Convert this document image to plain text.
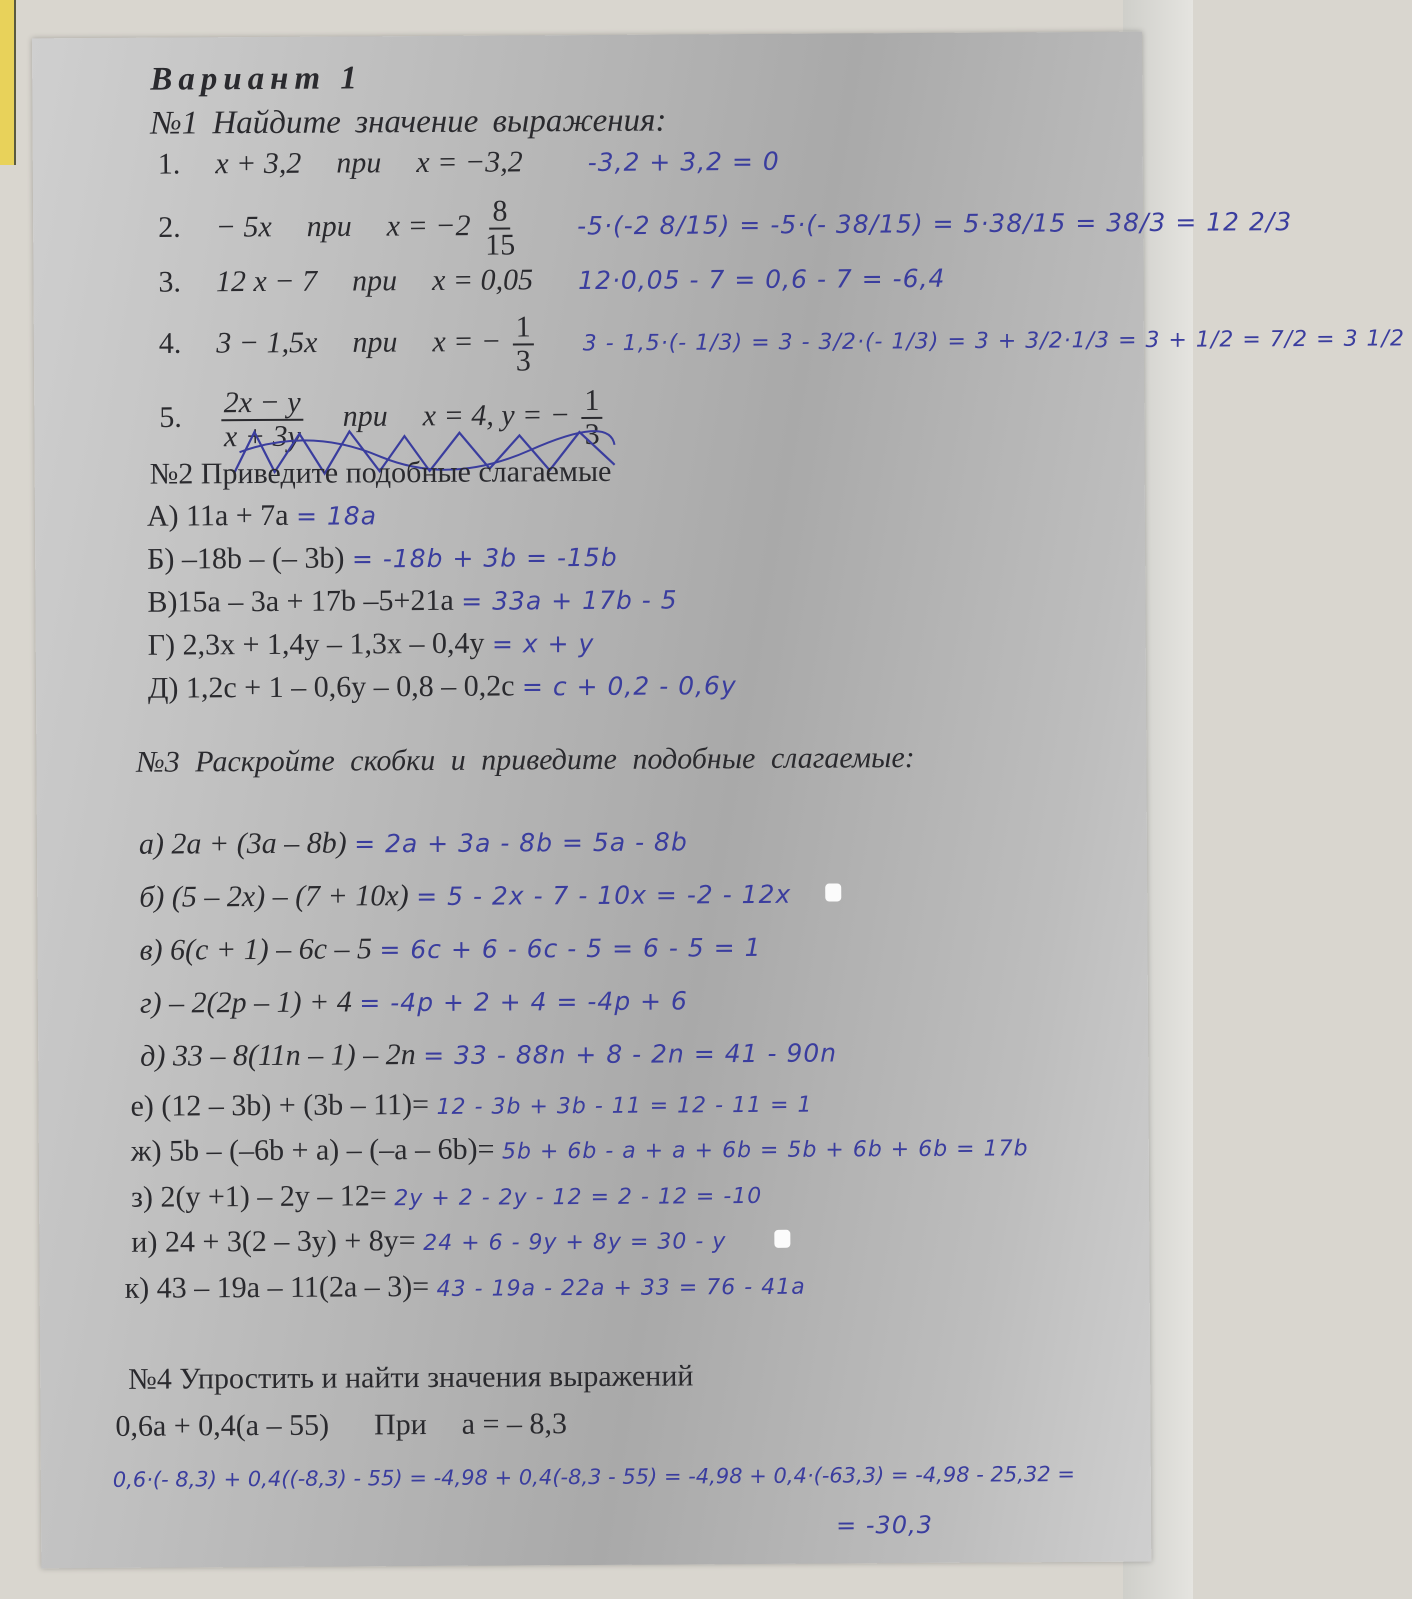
Вариант 1
№1 Найдите значение выражения:
1. x + 3,2 при x = −3,2	-3,2 + 3,2 = 0
2. − 5x при $x = -2 \frac{8}{15} -5\cdot(-2$ 8/15) = -5·(- 38/15) = 5·38/15 = 38/3 = 12 2/3
3. 12 x − 7 при x = 0,05 12·0,05 - 7 = 0,6 - 7 = -6,4
4. 3 − 1,5x при x = − $\frac{1}{3} 3 - 1,5\cdot(-$ 1/3) = 3 - 3/2·(- 1/3) = 3 + 3/2·1/3 = 3 + 1/2 = 7/2 = 3 1/2
5. $\frac{2x - y}{x + 3y}$ при x = 4, y = − $\frac{1}{3}$
№2 Приведите подобные слагаемые
А) 11a + 7a = 18a
Б) –18b – (– 3b) = -18b + 3b = -15b
В)15a – 3a + 17b –5+21a = 33a + 17b - 5
Г) 2,3x + 1,4y – 1,3x – 0,4y = x + y
Д) 1,2c + 1 – 0,6y – 0,8 – 0,2c = c + 0,2 - 0,6y
№3 Раскройте скобки и приведите подобные слагаемые:
а) 2a + (3a – 8b) = 2a + 3a - 8b = 5a - 8b
б) (5 – 2x) – (7 + 10x) = 5 - 2x - 7 - 10x = -2 - 12x
в) 6(c + 1) – 6c – 5 = 6c + 6 - 6c - 5 = 6 - 5 = 1
г) – 2(2p – 1) + 4 = -4p + 2 + 4 = -4p + 6
д) 33 – 8(11n – 1) – 2n = 33 - 88n + 8 - 2n = 41 - 90n
е) (12 – 3b) + (3b – 11)= 12 - 3b + 3b - 11 = 12 - 11 = 1
ж) 5b – (–6b + a) – (–a – 6b)= 5b + 6b - a + a + 6b = 5b + 6b + 6b = 17b
з) 2(y +1) – 2y – 12= 2y + 2 - 2y - 12 = 2 - 12 = -10
и) 24 + 3(2 – 3y) + 8y= 24 + 6 - 9y + 8y = 30 - y
к) 43 – 19a – 11(2a – 3)= 43 - 19a - 22a + 33 = 76 - 41a
№4 Упростить и найти значения выражений
0,6a + 0,4(a – 55) При a = – 8,3
0,6·(- 8,3) + 0,4((-8,3) - 55) = -4,98 + 0,4(-8,3 - 55) = -4,98 + 0,4·(-63,3) = -4,98 - 25,32 =
= -30,3
